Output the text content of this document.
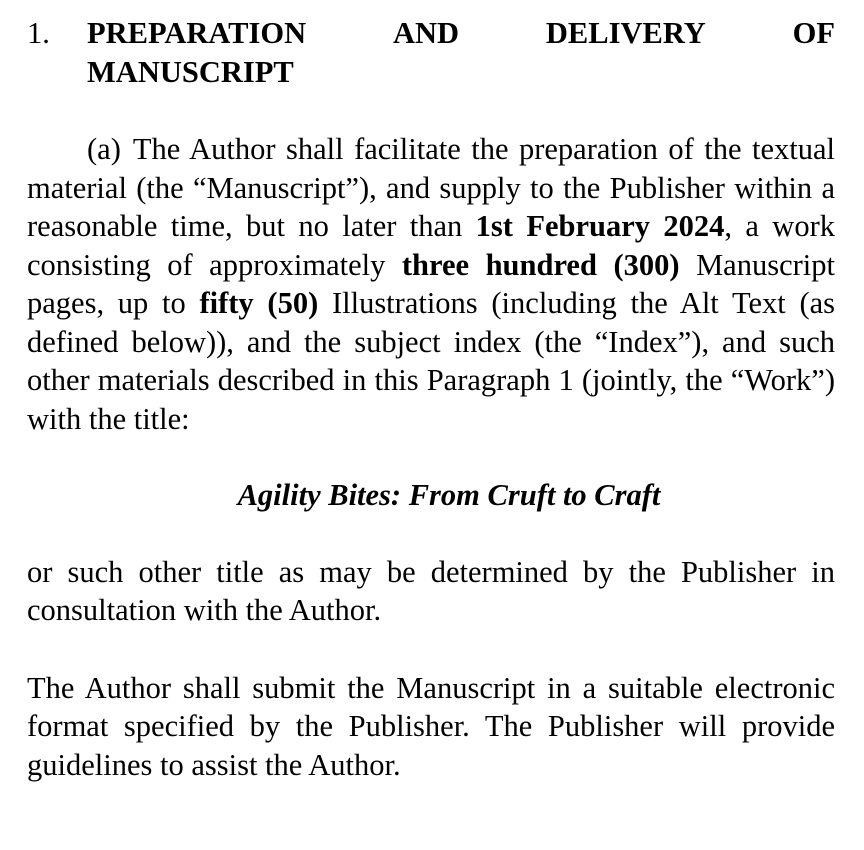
1.	PREPARATION	AND	DELIVERY	OF
MANUSCRIPT

(a) The Author shall facilitate the preparation of the textual material (the “Manuscript”), and supply to the Publisher within a reasonable time, but no later than 1st February 2024, a work consisting of approximately three hundred (300) Manuscript pages, up to fifty (50) Illustrations (including the Alt Text (as defined below)), and the subject index (the “Index”), and such other materials described in this Paragraph 1 (jointly, the “Work”) with the title:

Agility Bites: From Cruft to Craft

or such other title as may be determined by the Publisher in consultation with the Author.

The Author shall submit the Manuscript in a suitable electronic format specified by the Publisher. The Publisher will provide guidelines to assist the Author.
